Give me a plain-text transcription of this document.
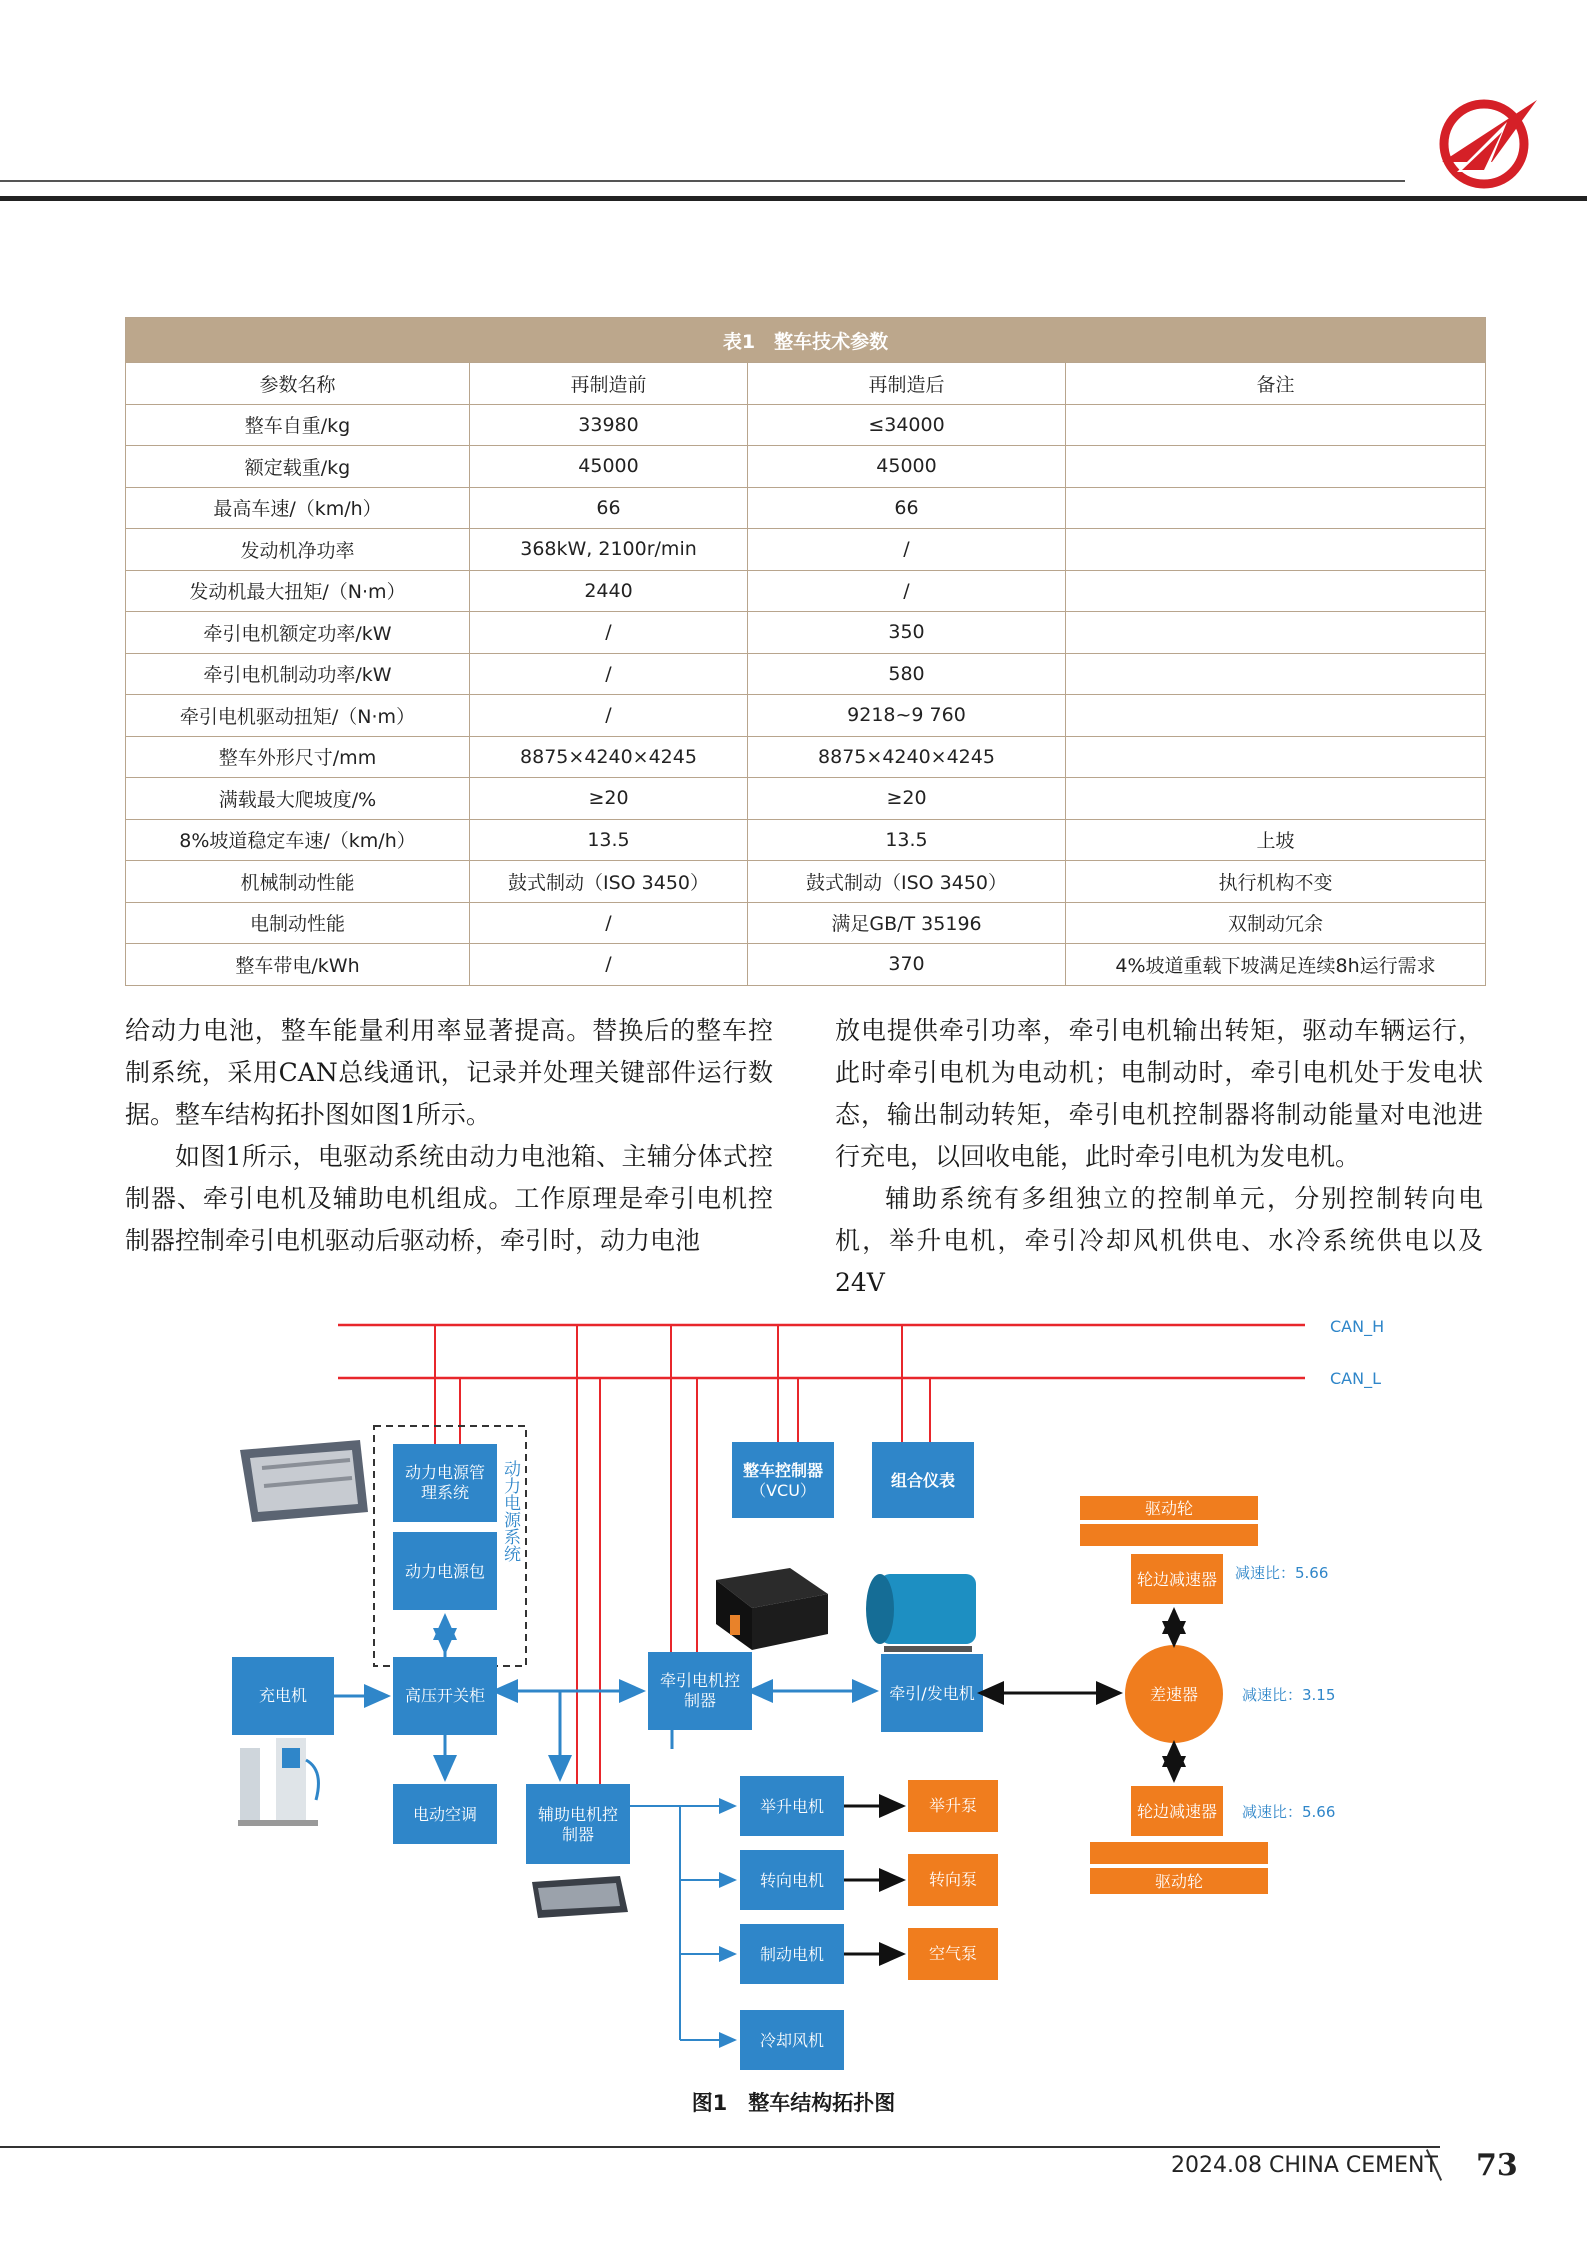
表1　整车技术参数			
参数名称	再制造前	再制造后	备注
整车自重/kg	33980	≤34000	
额定载重/kg	45000	45000	
最高车速/（km/h）	66	66	
发动机净功率	368kW, 2100r/min	/	
发动机最大扭矩/（N·m）	2440	/	
牵引电机额定功率/kW	/	350	
牵引电机制动功率/kW	/	580	
牵引电机驱动扭矩/（N·m）	/	9218~9 760	
整车外形尺寸/mm	8875×4240×4245	8875×4240×4245	
满载最大爬坡度/%	≥20	≥20	
8%坡道稳定车速/（km/h）	13.5	13.5	上坡
机械制动性能	鼓式制动（ISO 3450）	鼓式制动（ISO 3450）	执行机构不变
电制动性能	/	满足GB/T 35196	双制动冗余
整车带电/kWh	/	370	4%坡道重载下坡满足连续8h运行需求

给动力电池，整车能量利用率显著提高。替换后的整车控制系统，采用CAN总线通讯，记录并处理关键部件运行数据。整车结构拓扑图如图1所示。

如图1所示，电驱动系统由动力电池箱、主辅分体式控制器、牵引电机及辅助电机组成。工作原理是牵引电机控制器控制牵引电机驱动后驱动桥，牵引时，动力电池

放电提供牵引功率，牵引电机输出转矩，驱动车辆运行，此时牵引电机为电动机；电制动时，牵引电机处于发电状态，输出制动转矩，牵引电机控制器将制动能量对电池进行充电，以回收电能，此时牵引电机为发电机。

辅助系统有多组独立的控制单元，分别控制转向电机，举升电机，牵引冷却风机供电、水冷系统供电以及24V

CAN_H
CAN_L
动力电源系统
动力电源管
理系统
动力电源包
整车控制器
（VCU）
组合仪表
充电机	高压开关柜
牵引电机控
制器	牵引/发电机
电动空调	辅助电机控
制器
举升电机
转向电机
制动电机
冷却风机
驱动轮
轮边减速器
差速器
轮边减速器
驱动轮
举升泵
转向泵
空气泵
减速比：5.66
减速比：3.15
减速比：5.66
图1　整车结构拓扑图
2024.08 CHINA CEMENT 73
